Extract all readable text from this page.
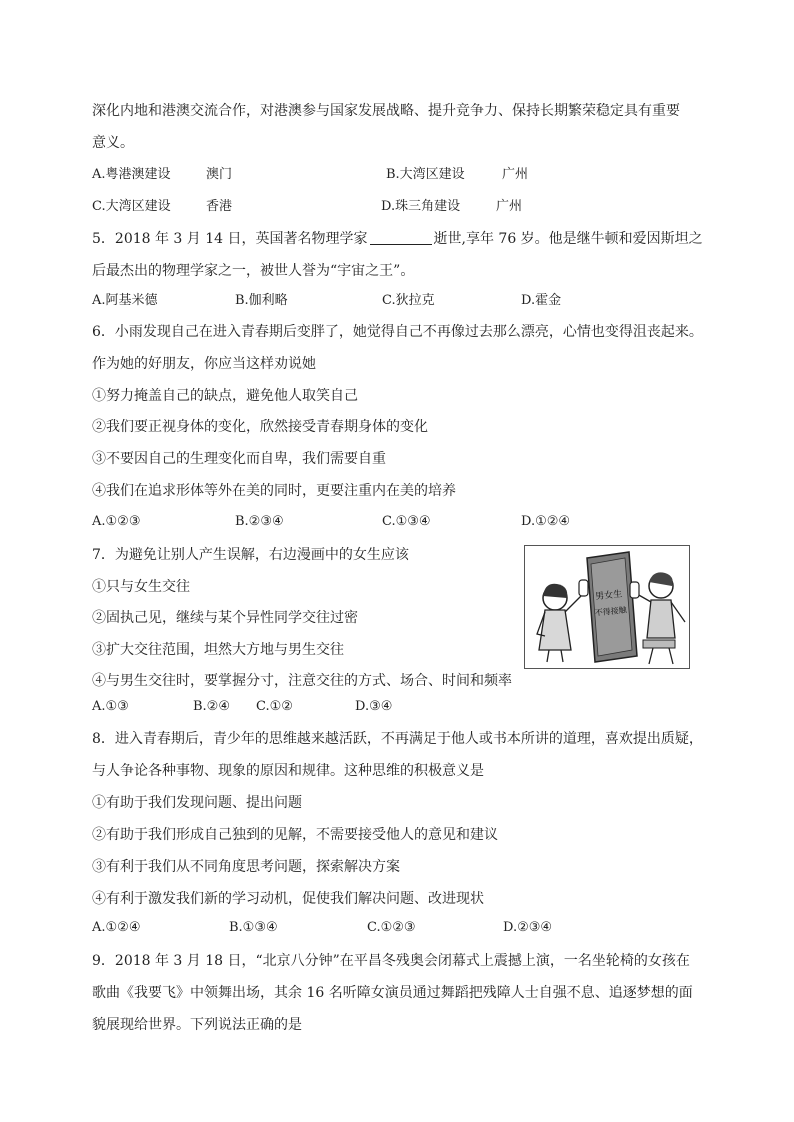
深化内地和港澳交流合作，对港澳参与国家发展战略、提升竞争力、保持长期繁荣稳定具有重要
意义。
A.粤港澳建设	澳门	B.大湾区建设	广州
C.大湾区建设	香港	D.珠三角建设	广州
5．2018 年 3 月 14 日，英国著名物理学家	逝世,享年 76 岁。他是继牛顿和爱因斯坦之
后最杰出的物理学家之一，被世人誉为“宇宙之王”。
A.阿基米德	B.伽利略	C.狄拉克	D.霍金
6．小雨发现自己在进入青春期后变胖了，她觉得自己不再像过去那么漂亮，心情也变得沮丧起来。
作为她的好朋友，你应当这样劝说她
①努力掩盖自己的缺点，避免他人取笑自己
②我们要正视身体的变化，欣然接受青春期身体的变化
③不要因自己的生理变化而自卑，我们需要自重
④我们在追求形体等外在美的同时，更要注重内在美的培养
A.①②③	B.②③④	C.①③④	D.①②④
7．为避免让别人产生误解，右边漫画中的女生应该
①只与女生交往
②固执己见，继续与某个异性同学交往过密
③扩大交往范围，坦然大方地与男生交往
④与男生交往时，要掌握分寸，注意交往的方式、场合、时间和频率
A.①③	B.②④ C.①②	D.③④
男女生
不得接触
8．进入青春期后，青少年的思维越来越活跃，不再满足于他人或书本所讲的道理，喜欢提出质疑，
与人争论各种事物、现象的原因和规律。这种思维的积极意义是
①有助于我们发现问题、提出问题
②有助于我们形成自己独到的见解，不需要接受他人的意见和建议
③有利于我们从不同角度思考问题，探索解决方案
④有利于激发我们新的学习动机，促使我们解决问题、改进现状
A.①②④	B.①③④	C.①②③	D.②③④
9．2018 年 3 月 18 日，“北京八分钟”在平昌冬残奥会闭幕式上震撼上演，一名坐轮椅的女孩在
歌曲《我要飞》中领舞出场，其余 16 名听障女演员通过舞蹈把残障人士自强不息、追逐梦想的面
貌展现给世界。下列说法正确的是
